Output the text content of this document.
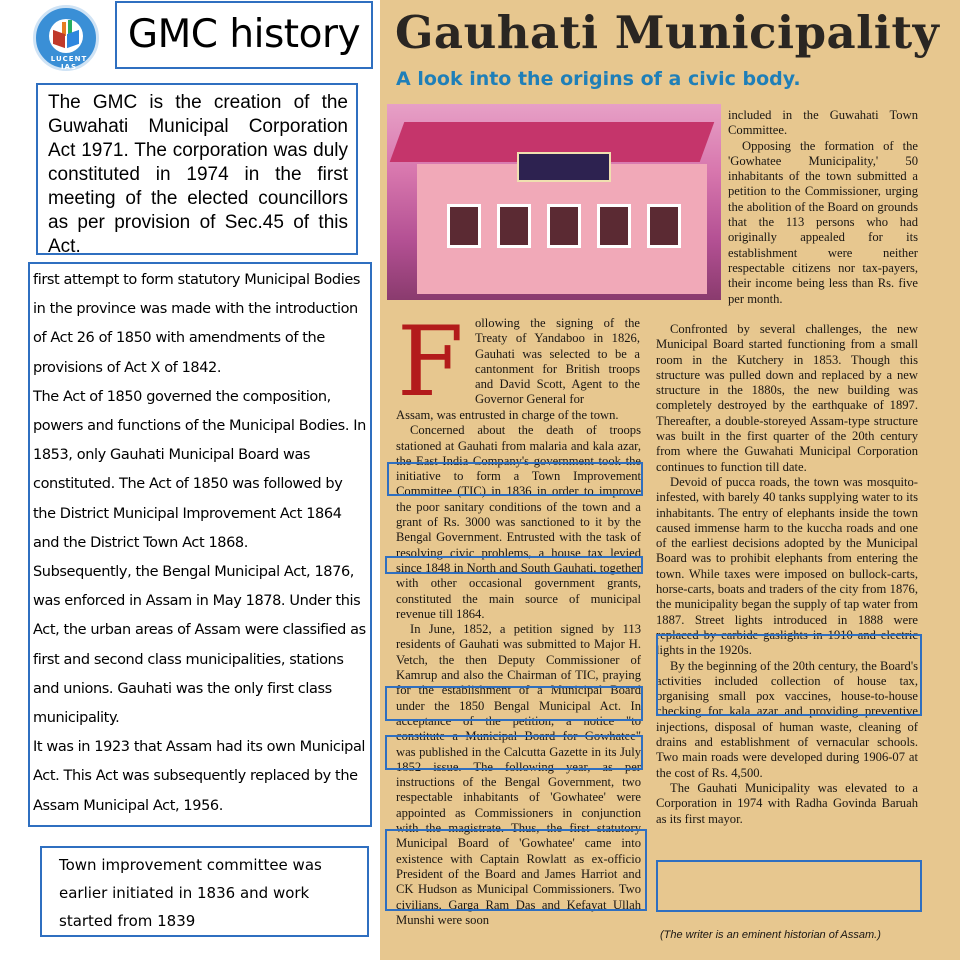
LUCENT IAS
GMC history
The GMC is the creation of the Guwahati Municipal Corporation Act 1971. The corporation was duly constituted in 1974 in the first meeting of the elected councillors as per provision of Sec.45 of this Act.

first attempt to form statutory Municipal Bodies in the province was made with the introduction of Act 26 of 1850 with amendments of the provisions of Act X of 1842.

The Act of 1850 governed the composition, powers and functions of the Municipal Bodies. In 1853, only Gauhati Municipal Board was constituted. The Act of 1850 was followed by the District Municipal Improvement Act 1864 and the District Town Act 1868.

Subsequently, the Bengal Municipal Act, 1876, was enforced in Assam in May 1878. Under this Act, the urban areas of Assam were classified as first and second class municipalities, stations and unions. Gauhati was the only first class municipality.

It was in 1923 that Assam had its own Municipal Act. This Act was subsequently replaced by the Assam Municipal Act, 1956.

Town improvement committee was earlier initiated in 1836 and work started from 1839
Gauhati Municipality
A look into the origins of a civic body.
F ollowing the signing of the Treaty of Yandaboo in 1826, Gauhati was selected to be a cantonment for British troops and David Scott, Agent to the Governor General for

Assam, was entrusted in charge of the town.

Concerned about the death of troops stationed at Gauhati from malaria and kala azar, the East India Company's government took the initiative to form a Town Improvement Committee (TIC) in 1836 in order to improve the poor sanitary conditions of the town and a grant of Rs. 3000 was sanctioned to it by the Bengal Government. Entrusted with the task of resolving civic problems, a house tax levied since 1848 in North and South Gauhati, together with other occasional government grants, constituted the main source of municipal revenue till 1864.

In June, 1852, a petition signed by 113 residents of Gauhati was submitted to Major H. Vetch, the then Deputy Commissioner of Kamrup and also the Chairman of TIC, praying for the establishment of a Municipal Board under the 1850 Bengal Municipal Act. In acceptance of the petition, a notice "to constitute a Municipal Board for Gowhatee" was published in the Calcutta Gazette in its July 1852 issue. The following year, as per instructions of the Bengal Government, two respectable inhabitants of 'Gowhatee' were appointed as Commissioners in conjunction with the magistrate. Thus, the first statutory Municipal Board of 'Gowhatee' came into existence with Captain Rowlatt as ex-officio President of the Board and James Harriot and CK Hudson as Municipal Commissioners. Two civilians, Garga Ram Das and Kefayat Ullah Munshi were soon

included in the Guwahati Town Committee.

Opposing the formation of the 'Gowhatee Municipality,' 50 inhabitants of the town submitted a petition to the Commissioner, urging the abolition of the Board on grounds that the 113 persons who had originally appealed for its establishment were neither respectable citizens nor tax-payers, their income being less than Rs. five per month.

Confronted by several challenges, the new Municipal Board started functioning from a small room in the Kutchery in 1853. Though this structure was pulled down and replaced by a new structure in the 1880s, the new building was completely destroyed by the earthquake of 1897. Thereafter, a double-storeyed Assam-type structure was built in the first quarter of the 20th century from where the Guwahati Municipal Corporation continues to function till date.

Devoid of pucca roads, the town was mosquito-infested, with barely 40 tanks supplying water to its inhabitants. The entry of elephants inside the town caused immense harm to the kuccha roads and one of the earliest decisions adopted by the Municipal Board was to prohibit elephants from entering the town. While taxes were imposed on bullock-carts, horse-carts, boats and traders of the city from 1876, the municipality began the supply of tap water from 1887. Street lights introduced in 1888 were replaced by carbide gaslights in 1910 and electric lights in the 1920s.

By the beginning of the 20th century, the Board's activities included collection of house tax, organising small pox vaccines, house-to-house checking for kala azar and providing preventive injections, disposal of human waste, cleaning of drains and establishment of vernacular schools. Two main roads were developed during 1906-07 at the cost of Rs. 4,500.

The Gauhati Municipality was elevated to a Corporation in 1974 with Radha Govinda Baruah as its first mayor.

(The writer is an eminent historian of Assam.)
